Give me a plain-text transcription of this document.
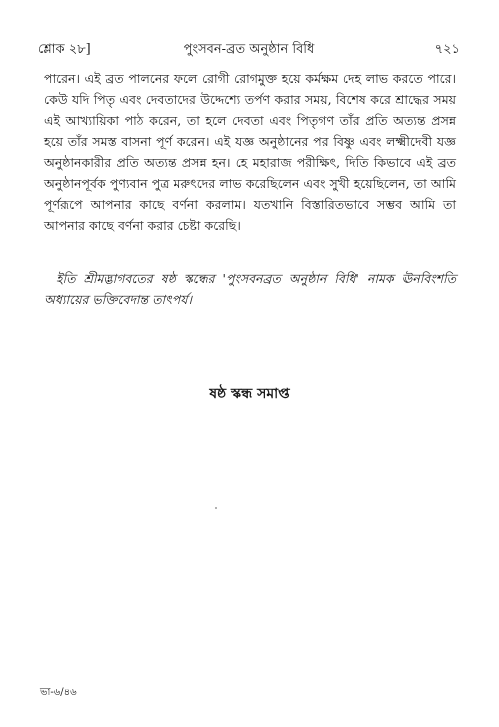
শ্লোক ২৮]	পুংসবন-ব্রত অনুষ্ঠান বিধি	৭২১
পারেন। এই ব্রত পালনের ফলে রোগী রোগমুক্ত হয়ে কর্মক্ষম দেহ লাভ করতে পারে। কেউ যদি পিতৃ এবং দেবতাদের উদ্দেশ্যে তর্পণ করার সময়, বিশেষ করে শ্রাদ্ধের সময় এই আখ্যায়িকা পাঠ করেন, তা হলে দেবতা এবং পিতৃগণ তাঁর প্রতি অত্যন্ত প্রসন্ন হয়ে তাঁর সমস্ত বাসনা পূর্ণ করেন। এই যজ্ঞ অনুষ্ঠানের পর বিষ্ণু এবং লক্ষ্মীদেবী যজ্ঞ অনুষ্ঠানকারীর প্রতি অত্যন্ত প্রসন্ন হন। হে মহারাজ পরীক্ষিৎ, দিতি কিভাবে এই ব্রত অনুষ্ঠানপূর্বক পুণ্যবান পুত্র মরুৎদের লাভ করেছিলেন এবং সুখী হয়েছিলেন, তা আমি পূর্ণরূপে আপনার কাছে বর্ণনা করলাম। যতখানি বিস্তারিতভাবে সম্ভব আমি তা আপনার কাছে বর্ণনা করার চেষ্টা করেছি।
ইতি শ্রীমদ্ভাগবতের ষষ্ঠ স্কন্ধের 'পুংসবনব্রত অনুষ্ঠান বিধি' নামক ঊনবিংশতি অধ্যায়ের ভক্তিবেদান্ত তাৎপর্য।
ষষ্ঠ স্কন্ধ সমাপ্ত
ভা-৬/৪৬
